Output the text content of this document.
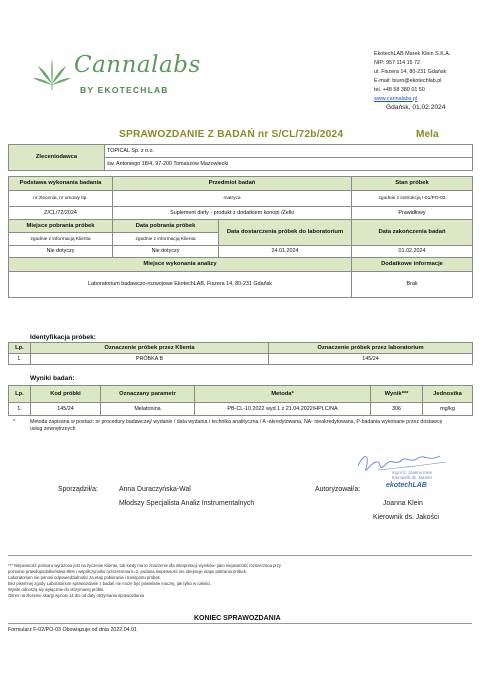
Cannalabs
BY EKOTECHLAB
EkotechLAB Marek Klein S.K.A.
NIP: 957 114 15 72
ul. Fiszera 14, 80-231 Gdańsk
E-mail: biuro@ekotechlab.pl
tel. +48 58 380 01 50
www.cannalabs.pl
Gdańsk, 01.02.2024
SPRAWOZDANIE Z BADAŃ nr S/CL/72b/2024	Mela
Zleceniodawca	TOPICAL Sp. z o.o.
św. Antoniego 18/4, 97-200 Tomaszów Mazowiecki
Podstawa wykonania badania	Przedmiot badań		Stan próbek
nr zlecenia, nr umowy itp.	matryca		zgodnie z instrukcją I-01/PO-03
Z/CL/72/2024	Suplement diety - produkt z dodatkiem konopi /Żelki		Prawidłowy
Miejsce pobrania próbek	Data pobrania próbek	Data dostarczenia próbek do laboratorium	Data zakończenia badań
zgodnie z informacją Klienta	zgodnie z informacją Klienta		
Nie dotyczy	Nie dotyczy	24.01.2024	01.02.2024
Miejsce wykonania analizy			Dodatkowe informacje
Laboratorium badawczo-rozwojowe EkotechLAB, Fiszera 14, 80-231 Gdańsk			Brak
Identyfikacja próbek:
Lp.	Oznaczenie próbek przez Klienta	Oznaczenie próbek przez laboratorium
1.	PRÓBKA B	145/24
Wyniki badań:
Lp.	Kod próbki	Oznaczany parametr	Metoda*	Wynik***	Jednostka
1.	145/24	Melatonina	PB-CL-10.2022 wyd.1 z 21.04.2022/HPLC/NA	306	mg/kg
*	Metoda zapisana w postaci: nr procedury badawczej/ wydanie / data wydania / technika analityczna / A -akredytowana, NA- nieakredytowana, P-badania wykonane przez dostawcę usług zewnętrznych
mgr inż. Joanna Klein
Kierownik ds. Jakości
ekotechLAB
Sporządził/a:	Anna Duraczyńska-Wal
Młodszy Specjalista Analiz Instrumentalnych
Autoryzował/a:
Joanna Klein
Kierownik ds. Jakości
*** Niepewność pomiaru wyrażona jest na życzenie Klienta, tub kiedy ma to znaczenie dla interpretacji wyników- jako niepewność rozszerzona przy
poziomie prawdopodobieństwa 95% i współczynniku rozszerzenia k=2, podana niepewność nie obejmuje etapu pobrania próbek.
Laboratorium nie ponosi odpowiedzialności za etap pobierania i transportu próbek.
Bez pisemnej zgody Laboratorium sprawozdanie z badań nie może być powielane inaczej, jak tylko w całości.
Wyniki odnoszą się wyłącznie do otrzymanej próbki.
Okres na złożenie skargi wynosi 14 dni od daty otrzymania sprawozdania
KONIEC SPRAWOZDANIA
Formularz F-02/PO-03 Obowiązuje od dnia 2022.04.01
